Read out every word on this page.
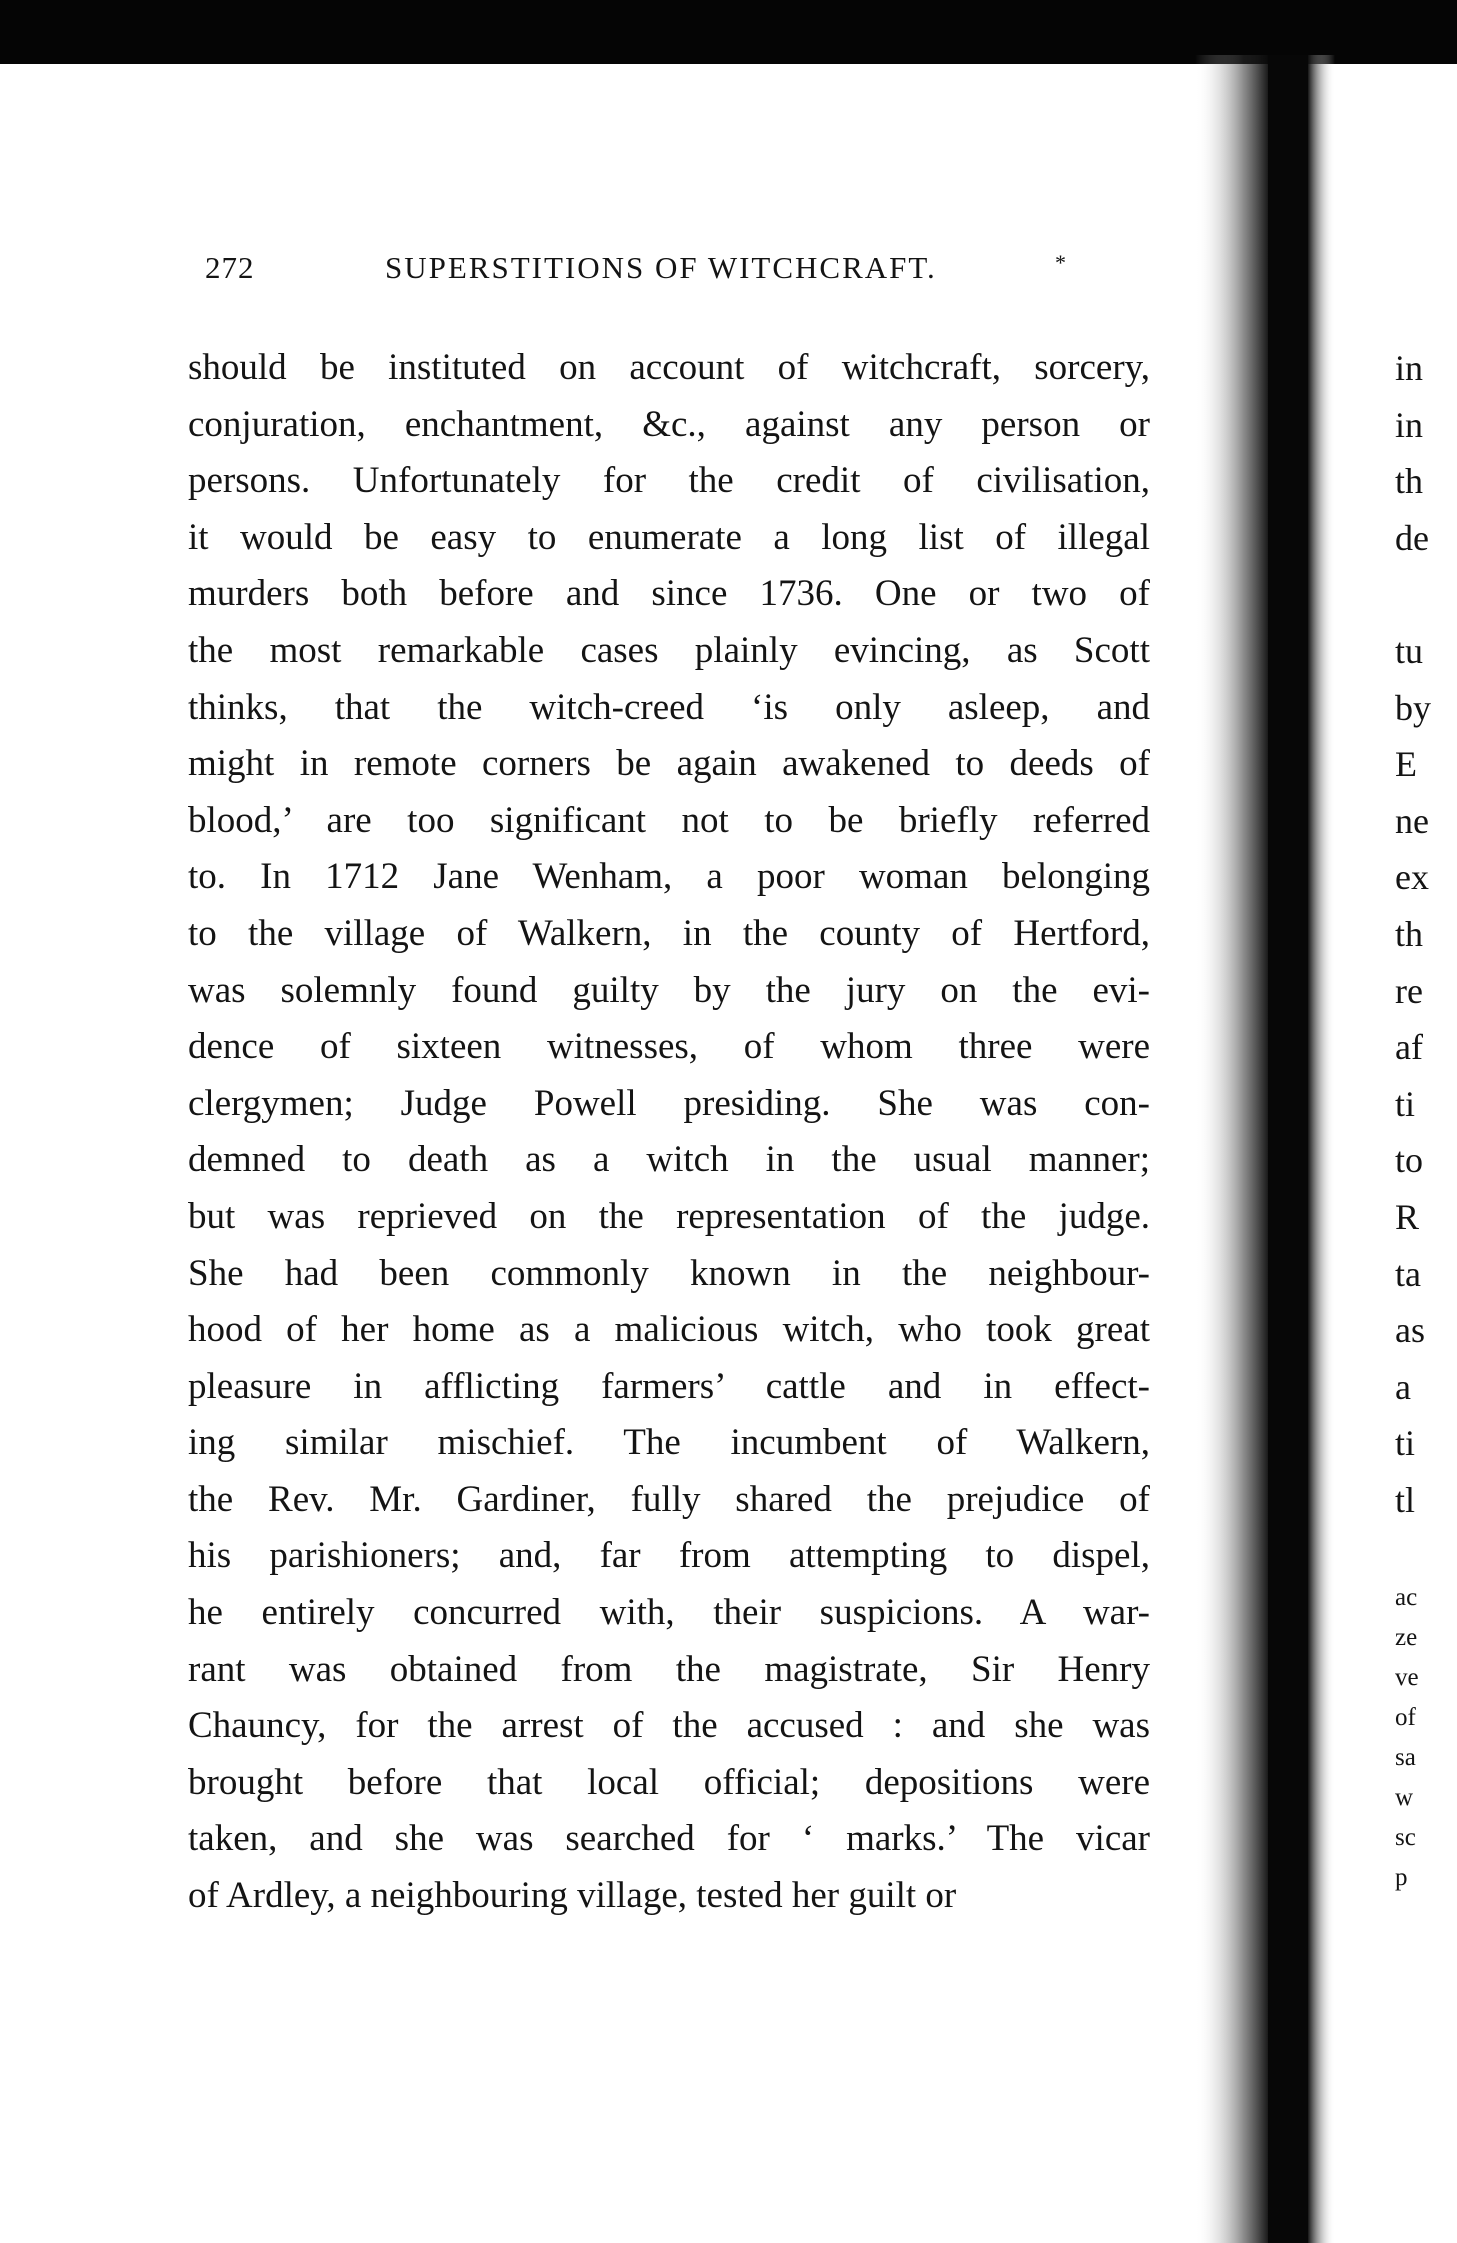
272	SUPERSTITIONS OF WITCHCRAFT.	*
should be instituted on account of witchcraft, sorcery,
conjuration, enchantment, &c., against any person or
persons. Unfortunately for the credit of civilisation,
it would be easy to enumerate a long list of illegal
murders both before and since 1736. One or two of
the most remarkable cases plainly evincing, as Scott
thinks, that the witch-creed ‘is only asleep, and
might in remote corners be again awakened to deeds of
blood,’ are too significant not to be briefly referred
to. In 1712 Jane Wenham, a poor woman belonging
to the village of Walkern, in the county of Hertford,
was solemnly found guilty by the jury on the evi-
dence of sixteen witnesses, of whom three were
clergymen; Judge Powell presiding. She was con-
demned to death as a witch in the usual manner;
but was reprieved on the representation of the judge.
She had been commonly known in the neighbour-
hood of her home as a malicious witch, who took great
pleasure in afflicting farmers’ cattle and in effect-
ing similar mischief. The incumbent of Walkern,
the Rev. Mr. Gardiner, fully shared the prejudice of
his parishioners; and, far from attempting to dispel,
he entirely concurred with, their suspicions. A war-
rant was obtained from the magistrate, Sir Henry
Chauncy, for the arrest of the accused : and she was
brought before that local official; depositions were
taken, and she was searched for ‘ marks.’ The vicar
of Ardley, a neighbouring village, tested her guilt or
in
in
th
de
tu
by
E
ne
ex
th
re
af
ti
to
R
ta
as
a
ti
tl
ac
ze
ve
of
sa
w
sc
p
